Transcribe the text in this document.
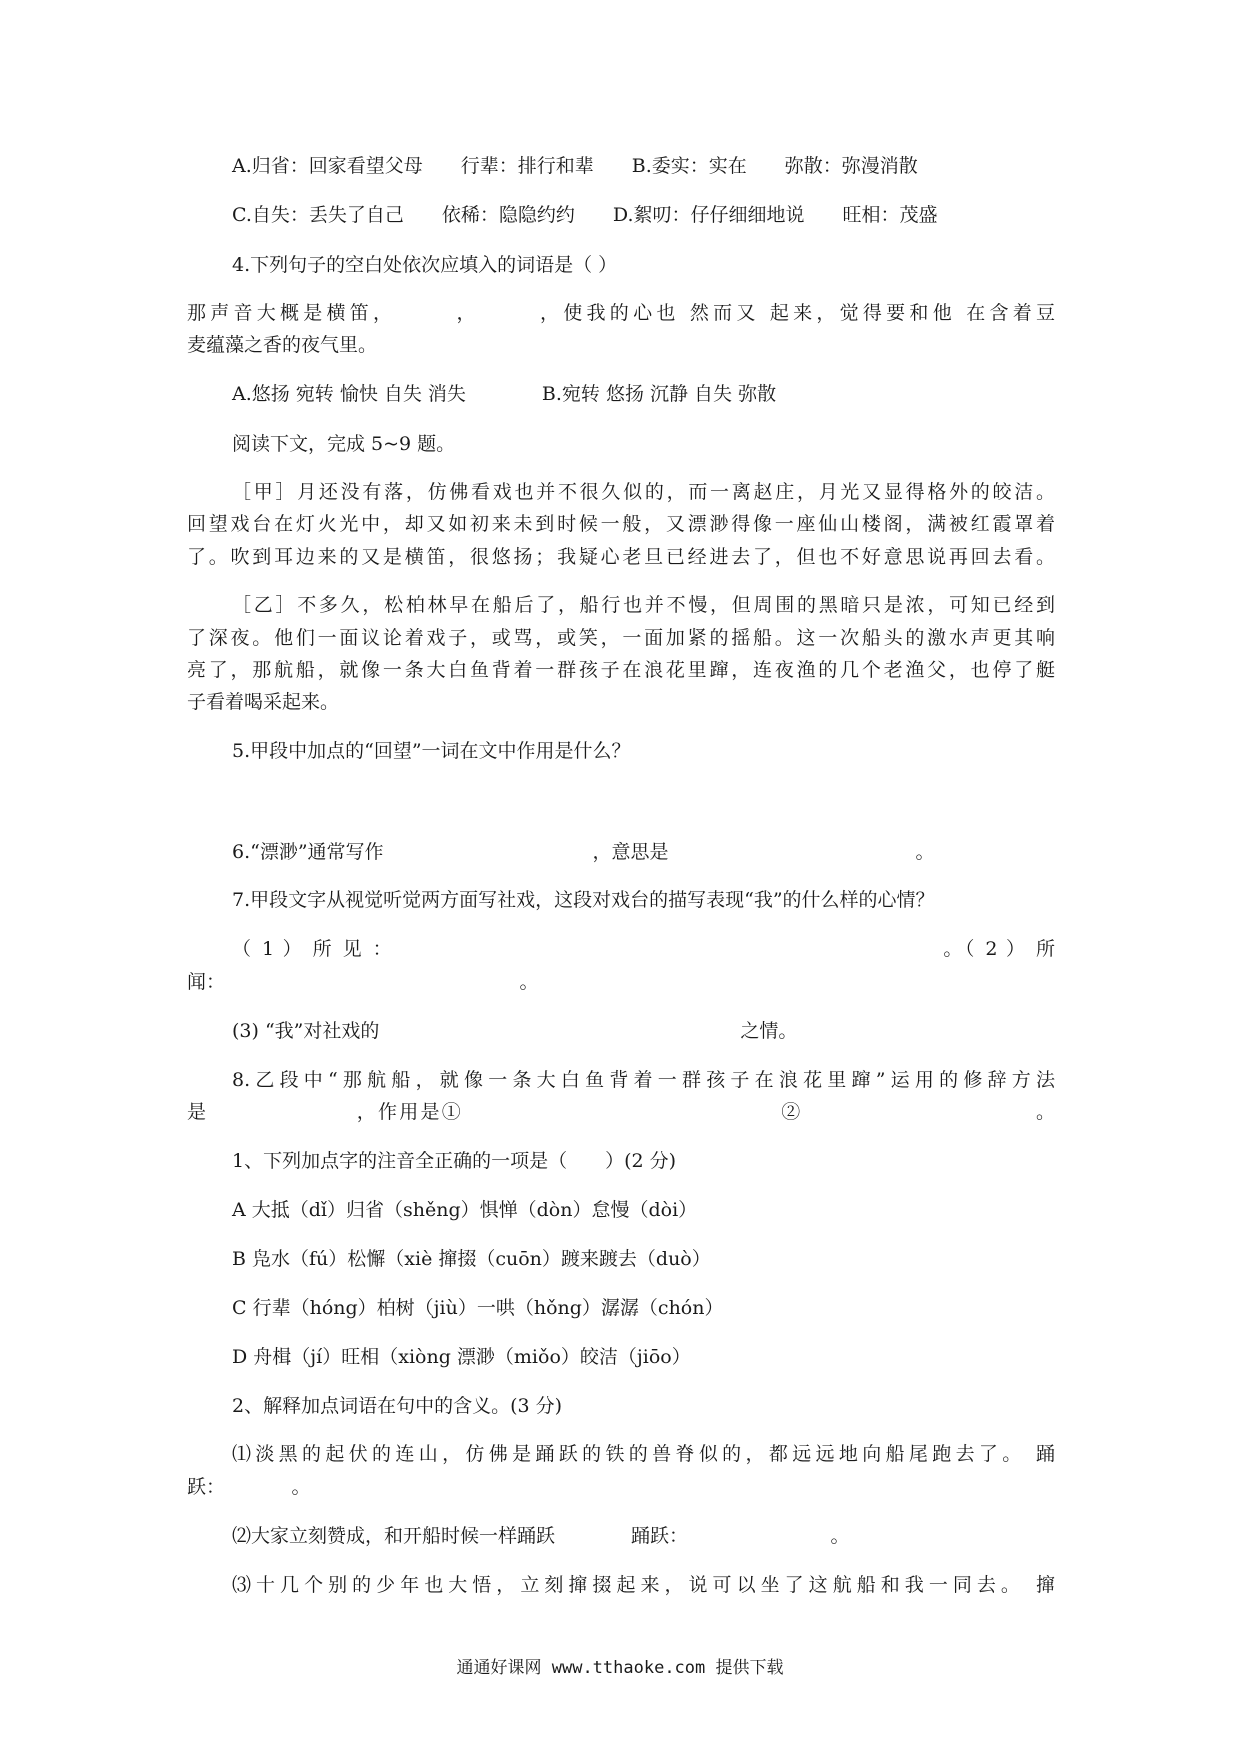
A.归省：回家看望父母　　行辈：排行和辈　　B.委实：实在　　弥散：弥漫消散
C.自失：丢失了自己　　依稀：隐隐约约　　D.絮叨：仔仔细细地说　　旺相：茂盛
4.下列句子的空白处依次应填入的词语是（ ）
那声音大概是横笛，　　　，　　　，使我的心也 然而又 起来，觉得要和他 在含着豆
麦蕴藻之香的夜气里。
A.悠扬 宛转 愉快 自失 消失　　　　B.宛转 悠扬 沉静 自失 弥散
阅读下文，完成 5~9 题。
［甲］月还没有落，仿佛看戏也并不很久似的，而一离赵庄，月光又显得格外的皎洁。
回望戏台在灯火光中，却又如初来未到时候一般，又漂渺得像一座仙山楼阁，满被红霞罩着
了。吹到耳边来的又是横笛，很悠扬；我疑心老旦已经进去了，但也不好意思说再回去看。
［乙］不多久，松柏林早在船后了，船行也并不慢，但周围的黑暗只是浓，可知已经到
了深夜。他们一面议论着戏子，或骂，或笑，一面加紧的摇船。这一次船头的激水声更其响
亮了，那航船，就像一条大白鱼背着一群孩子在浪花里蹿，连夜渔的几个老渔父，也停了艇
子看着喝采起来。
5.甲段中加点的“回望”一词在文中作用是什么？
6.“漂渺”通常写作　　　　　　　　　　　，意思是　　　　　　　　　　　　　。
7.甲段文字从视觉听觉两方面写社戏，这段对戏台的描写表现“我”的什么样的心情？
（ 1 ） 所 见 ：　　　　　　　　　　　　　　　　　　　　　　　　　　。（ 2 ） 所
闻：　　　　　　　　　　　　　　　　。
(3) “我”对社戏的　　　　　　　　　　　　　　　　　　　之情。
8.乙段中“那航船，就像一条大白鱼背着一群孩子在浪花里蹿”运用的修辞方法
是　　　　　　　，作用是①　　　　　　　　　　　　　　　②　　　　　　　　　　　。
1、下列加点字的注音全正确的一项是（　　）(2 分)
A 大抵（dǐ）归省（shěng）惧惮（dòn）怠慢（dòi）
B 凫水（fú）松懈（xiè 撺掇（cuōn）踱来踱去（duò）
C 行辈（hóng）柏树（jiù）一哄（hǒng）潺潺（chón）
D 舟楫（jí）旺相（xiòng 漂渺（miǒo）皎洁（jiōo）
2、解释加点词语在句中的含义。(3 分)
⑴淡黑的起伏的连山，仿佛是踊跃的铁的兽脊似的，都远远地向船尾跑去了。 踊
跃：　　　　。
⑵大家立刻赞成，和开船时候一样踊跃　　　　踊跃：　　　　　　　　。
⑶十几个别的少年也大悟，立刻撺掇起来，说可以坐了这航船和我一同去。 撺
通通好课网 www.tthaoke.com 提供下载
